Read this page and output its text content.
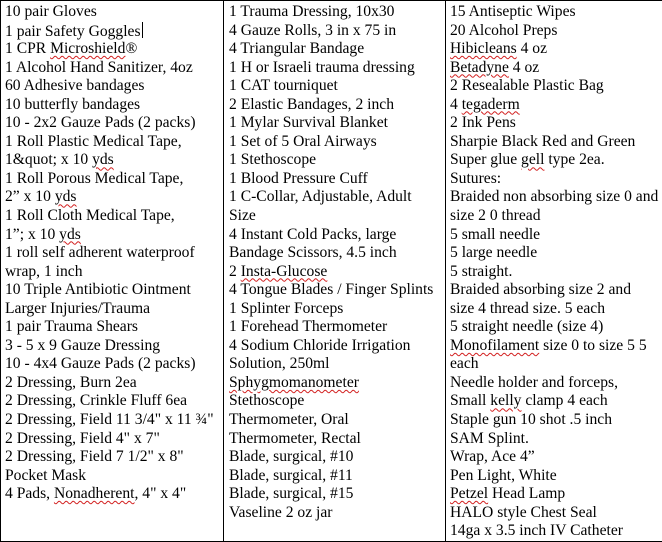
10 pair Gloves
1 pair Safety Goggles
1 CPR Microshield®
1 Alcohol Hand Sanitizer, 4oz
60 Adhesive bandages
10 butterfly bandages
10 - 2x2 Gauze Pads (2 packs)
1 Roll Plastic Medical Tape,
1&quot; x 10 yds
1 Roll Porous Medical Tape,
2” x 10 yds
1 Roll Cloth Medical Tape,
1”; x 10 yds
1 roll self adherent waterproof
wrap, 1 inch
10 Triple Antibiotic Ointment
Larger Injuries/Trauma
1 pair Trauma Shears
3 - 5 x 9 Gauze Dressing
10 - 4x4 Gauze Pads (2 packs)
2 Dressing, Burn 2ea
2 Dressing, Crinkle Fluff 6ea
2 Dressing, Field 11 3/4" x 11 ¾"
2 Dressing, Field 4" x 7"
2 Dressing, Field 7 1/2" x 8"
Pocket Mask
4 Pads, Nonadherent, 4" x 4"
1 Trauma Dressing, 10x30
4 Gauze Rolls, 3 in x 75 in
4 Triangular Bandage
1 H or Israeli trauma dressing
1 CAT tourniquet
2 Elastic Bandages, 2 inch
1 Mylar Survival Blanket
1 Set of 5 Oral Airways
1 Stethoscope
1 Blood Pressure Cuff
1 C-Collar, Adjustable, Adult
Size
4 Instant Cold Packs, large
Bandage Scissors, 4.5 inch
2 Insta-Glucose
4 Tongue Blades / Finger Splints
1 Splinter Forceps
1 Forehead Thermometer
4 Sodium Chloride Irrigation
Solution, 250ml
Sphygmomanometer
Stethoscope
Thermometer, Oral
Thermometer, Rectal
Blade, surgical, #10
Blade, surgical, #11
Blade, surgical, #15
Vaseline 2 oz jar
15 Antiseptic Wipes
20 Alcohol Preps
Hibicleans 4 oz
Betadyne 4 oz
2 Resealable Plastic Bag
4 tegaderm
2 Ink Pens
Sharpie Black Red and Green
Super glue gell type 2ea.
Sutures:
Braided non absorbing size 0 and
size 2 0 thread
5 small needle
5 large needle
5 straight.
Braided absorbing size 2 and
size 4 thread size. 5 each
5 straight needle (size 4)
Monofilament size 0 to size 5 5
each
Needle holder and forceps,
Small kelly clamp 4 each
Staple gun 10 shot .5 inch
SAM Splint.
Wrap, Ace 4”
Pen Light, White
Petzel Head Lamp
HALO style Chest Seal
14ga x 3.5 inch IV Catheter
